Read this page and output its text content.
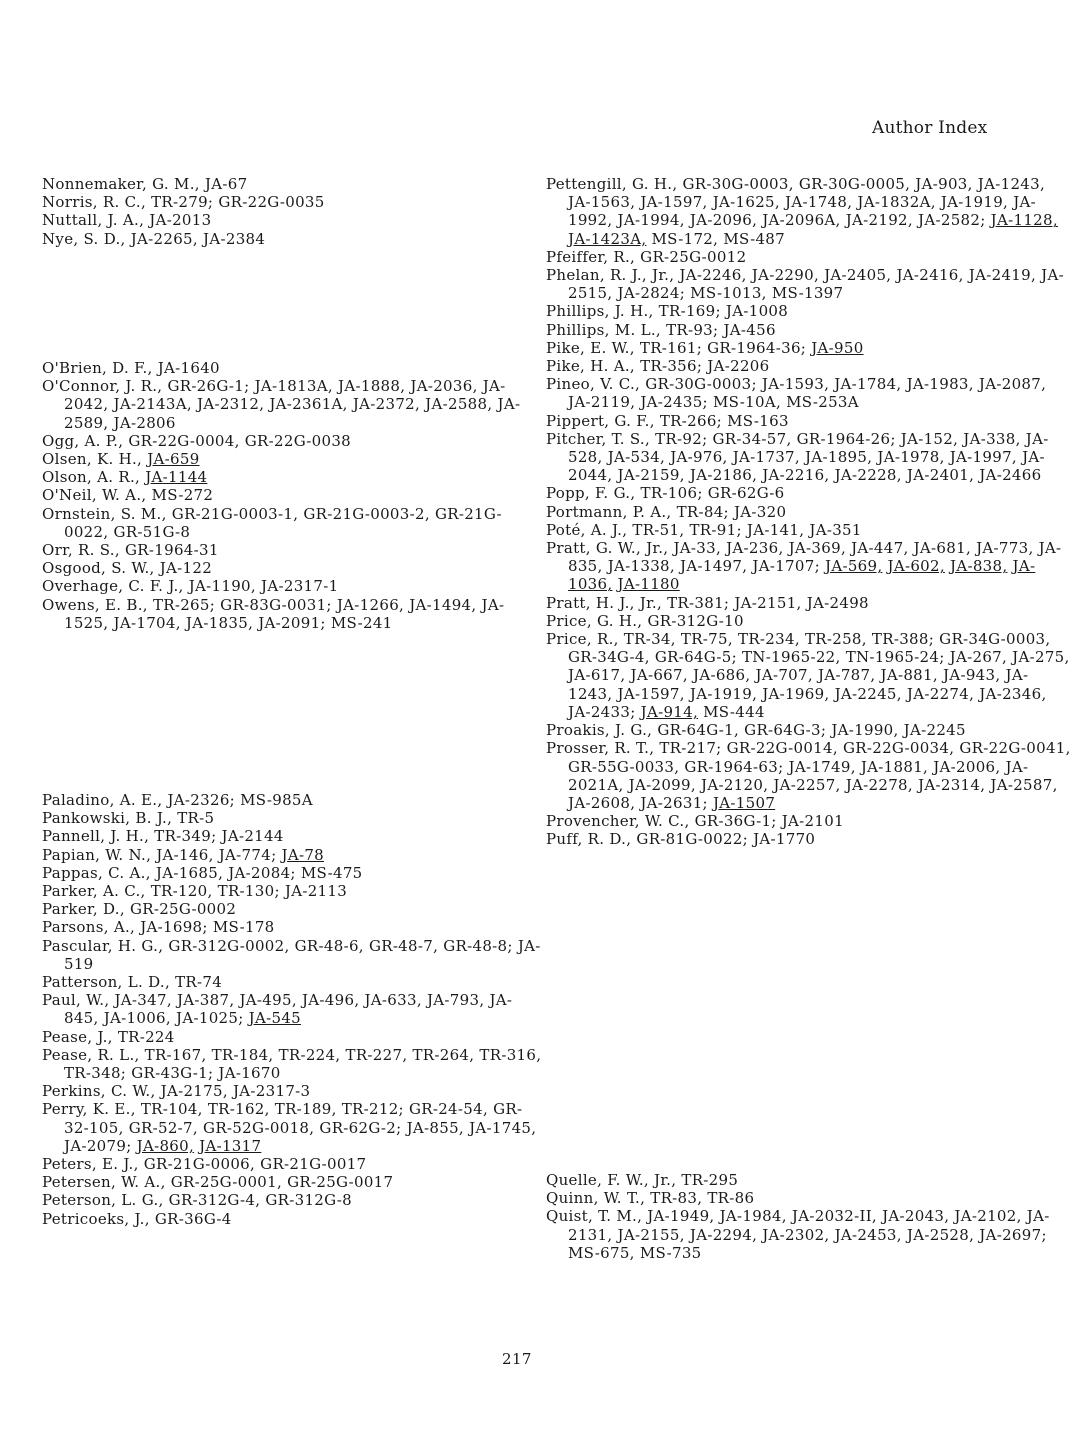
Author Index

Nonnemaker, G. M., JA-67

Norris, R. C., TR-279; GR-22G-0035

Nuttall, J. A., JA-2013

Nye, S. D., JA-2265, JA-2384

O'Brien, D. F., JA-1640

O'Connor, J. R., GR-26G-1; JA-1813A, JA-1888, JA-2036, JA-2042, JA-2143A, JA-2312, JA-2361A, JA-2372, JA-2588, JA-2589, JA-2806

Ogg, A. P., GR-22G-0004, GR-22G-0038

Olsen, K. H., JA-659

Olson, A. R., JA-1144

O'Neil, W. A., MS-272

Ornstein, S. M., GR-21G-0003-1, GR-21G-0003-2, GR-21G-0022, GR-51G-8

Orr, R. S., GR-1964-31

Osgood, S. W., JA-122

Overhage, C. F. J., JA-1190, JA-2317-1

Owens, E. B., TR-265; GR-83G-0031; JA-1266, JA-1494, JA-1525, JA-1704, JA-1835, JA-2091; MS-241

Paladino, A. E., JA-2326; MS-985A

Pankowski, B. J., TR-5

Pannell, J. H., TR-349; JA-2144

Papian, W. N., JA-146, JA-774; JA-78

Pappas, C. A., JA-1685, JA-2084; MS-475

Parker, A. C., TR-120, TR-130; JA-2113

Parker, D., GR-25G-0002

Parsons, A., JA-1698; MS-178

Pascular, H. G., GR-312G-0002, GR-48-6, GR-48-7, GR-48-8; JA-519

Patterson, L. D., TR-74

Paul, W., JA-347, JA-387, JA-495, JA-496, JA-633, JA-793, JA-845, JA-1006, JA-1025; JA-545

Pease, J., TR-224

Pease, R. L., TR-167, TR-184, TR-224, TR-227, TR-264, TR-316, TR-348; GR-43G-1; JA-1670

Perkins, C. W., JA-2175, JA-2317-3

Perry, K. E., TR-104, TR-162, TR-189, TR-212; GR-24-54, GR-32-105, GR-52-7, GR-52G-0018, GR-62G-2; JA-855, JA-1745, JA-2079; JA-860, JA-1317

Peters, E. J., GR-21G-0006, GR-21G-0017

Petersen, W. A., GR-25G-0001, GR-25G-0017

Peterson, L. G., GR-312G-4, GR-312G-8

Petricoeks, J., GR-36G-4

Pettengill, G. H., GR-30G-0003, GR-30G-0005, JA-903, JA-1243, JA-1563, JA-1597, JA-1625, JA-1748, JA-1832A, JA-1919, JA-1992, JA-1994, JA-2096, JA-2096A, JA-2192, JA-2582; JA-1128, JA-1423A, MS-172, MS-487

Pfeiffer, R., GR-25G-0012

Phelan, R. J., Jr., JA-2246, JA-2290, JA-2405, JA-2416, JA-2419, JA-2515, JA-2824; MS-1013, MS-1397

Phillips, J. H., TR-169; JA-1008

Phillips, M. L., TR-93; JA-456

Pike, E. W., TR-161; GR-1964-36; JA-950

Pike, H. A., TR-356; JA-2206

Pineo, V. C., GR-30G-0003; JA-1593, JA-1784, JA-1983, JA-2087, JA-2119, JA-2435; MS-10A, MS-253A

Pippert, G. F., TR-266; MS-163

Pitcher, T. S., TR-92; GR-34-57, GR-1964-26; JA-152, JA-338, JA-528, JA-534, JA-976, JA-1737, JA-1895, JA-1978, JA-1997, JA-2044, JA-2159, JA-2186, JA-2216, JA-2228, JA-2401, JA-2466

Popp, F. G., TR-106; GR-62G-6

Portmann, P. A., TR-84; JA-320

Poté, A. J., TR-51, TR-91; JA-141, JA-351

Pratt, G. W., Jr., JA-33, JA-236, JA-369, JA-447, JA-681, JA-773, JA-835, JA-1338, JA-1497, JA-1707; JA-569, JA-602, JA-838, JA-1036, JA-1180

Pratt, H. J., Jr., TR-381; JA-2151, JA-2498

Price, G. H., GR-312G-10

Price, R., TR-34, TR-75, TR-234, TR-258, TR-388; GR-34G-0003, GR-34G-4, GR-64G-5; TN-1965-22, TN-1965-24; JA-267, JA-275, JA-617, JA-667, JA-686, JA-707, JA-787, JA-881, JA-943, JA-1243, JA-1597, JA-1919, JA-1969, JA-2245, JA-2274, JA-2346, JA-2433; JA-914, MS-444

Proakis, J. G., GR-64G-1, GR-64G-3; JA-1990, JA-2245

Prosser, R. T., TR-217; GR-22G-0014, GR-22G-0034, GR-22G-0041, GR-55G-0033, GR-1964-63; JA-1749, JA-1881, JA-2006, JA-2021A, JA-2099, JA-2120, JA-2257, JA-2278, JA-2314, JA-2587, JA-2608, JA-2631; JA-1507

Provencher, W. C., GR-36G-1; JA-2101

Puff, R. D., GR-81G-0022; JA-1770

Quelle, F. W., Jr., TR-295

Quinn, W. T., TR-83, TR-86

Quist, T. M., JA-1949, JA-1984, JA-2032-II, JA-2043, JA-2102, JA-2131, JA-2155, JA-2294, JA-2302, JA-2453, JA-2528, JA-2697; MS-675, MS-735

217
